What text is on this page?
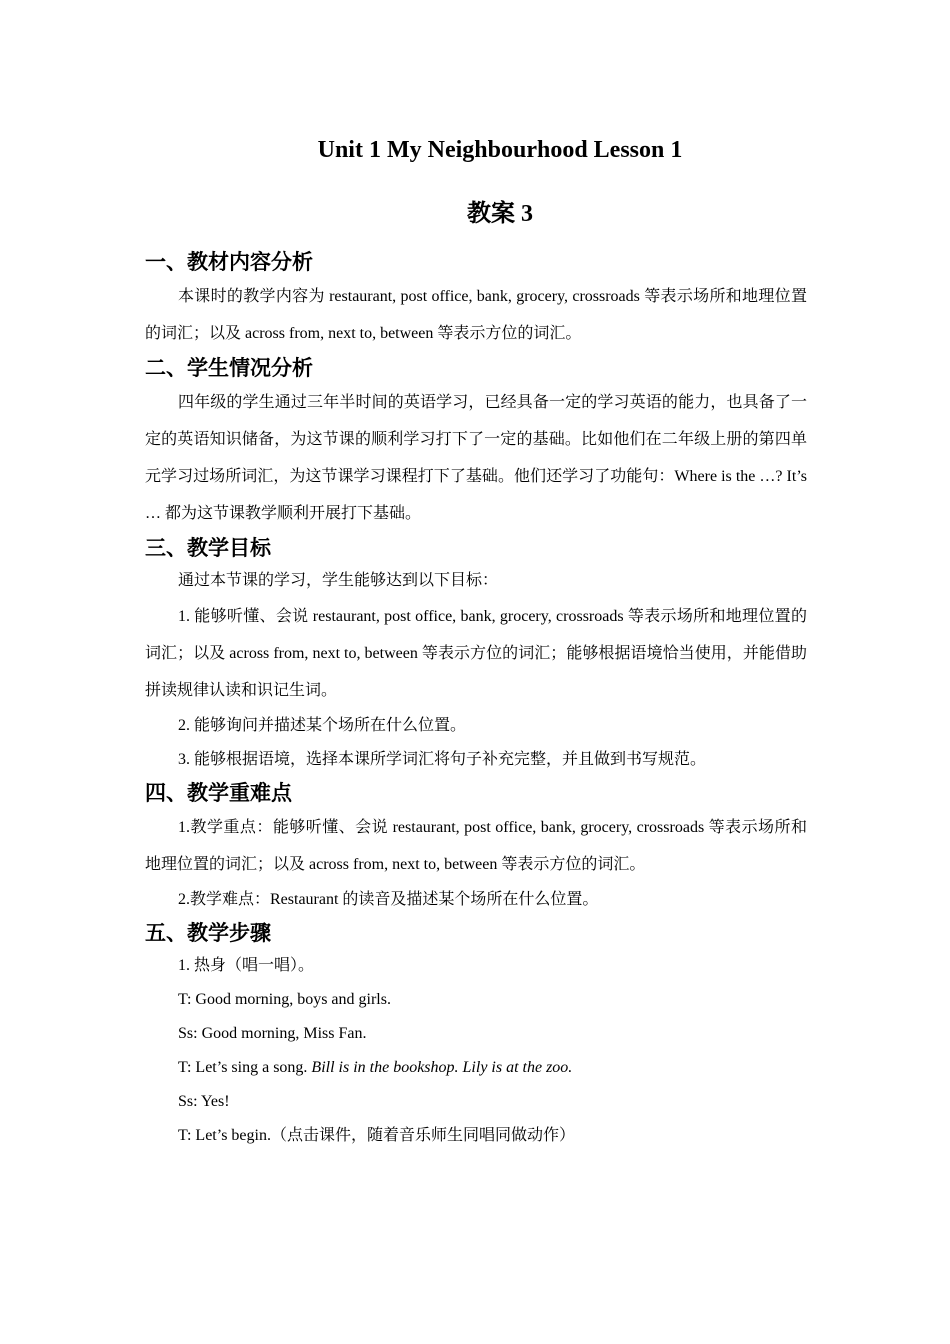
Unit 1 My Neighbourhood Lesson 1
教案 3
一、教材内容分析

本课时的教学内容为 restaurant, post office, bank, grocery, crossroads 等表示场所和地理位置的词汇；以及 across from, next to, between 等表示方位的词汇。

二、学生情况分析

四年级的学生通过三年半时间的英语学习，已经具备一定的学习英语的能力，也具备了一定的英语知识储备，为这节课的顺利学习打下了一定的基础。比如他们在二年级上册的第四单元学习过场所词汇，为这节课学习课程打下了基础。他们还学习了功能句：Where is the …? It’s … 都为这节课教学顺利开展打下基础。

三、教学目标

通过本节课的学习，学生能够达到以下目标：

1. 能够听懂、会说 restaurant, post office, bank, grocery, crossroads 等表示场所和地理位置的词汇；以及 across from, next to, between 等表示方位的词汇；能够根据语境恰当使用，并能借助拼读规律认读和识记生词。

2. 能够询问并描述某个场所在什么位置。

3. 能够根据语境，选择本课所学词汇将句子补充完整，并且做到书写规范。

四、教学重难点

1.教学重点：能够听懂、会说 restaurant, post office, bank, grocery, crossroads 等表示场所和地理位置的词汇；以及 across from, next to, between 等表示方位的词汇。

2.教学难点：Restaurant 的读音及描述某个场所在什么位置。

五、教学步骤

1. 热身（唱一唱）。

T: Good morning, boys and girls.

Ss: Good morning, Miss Fan.

T: Let’s sing a song. Bill is in the bookshop. Lily is at the zoo.

Ss: Yes!

T: Let’s begin.（点击课件，随着音乐师生同唱同做动作）
